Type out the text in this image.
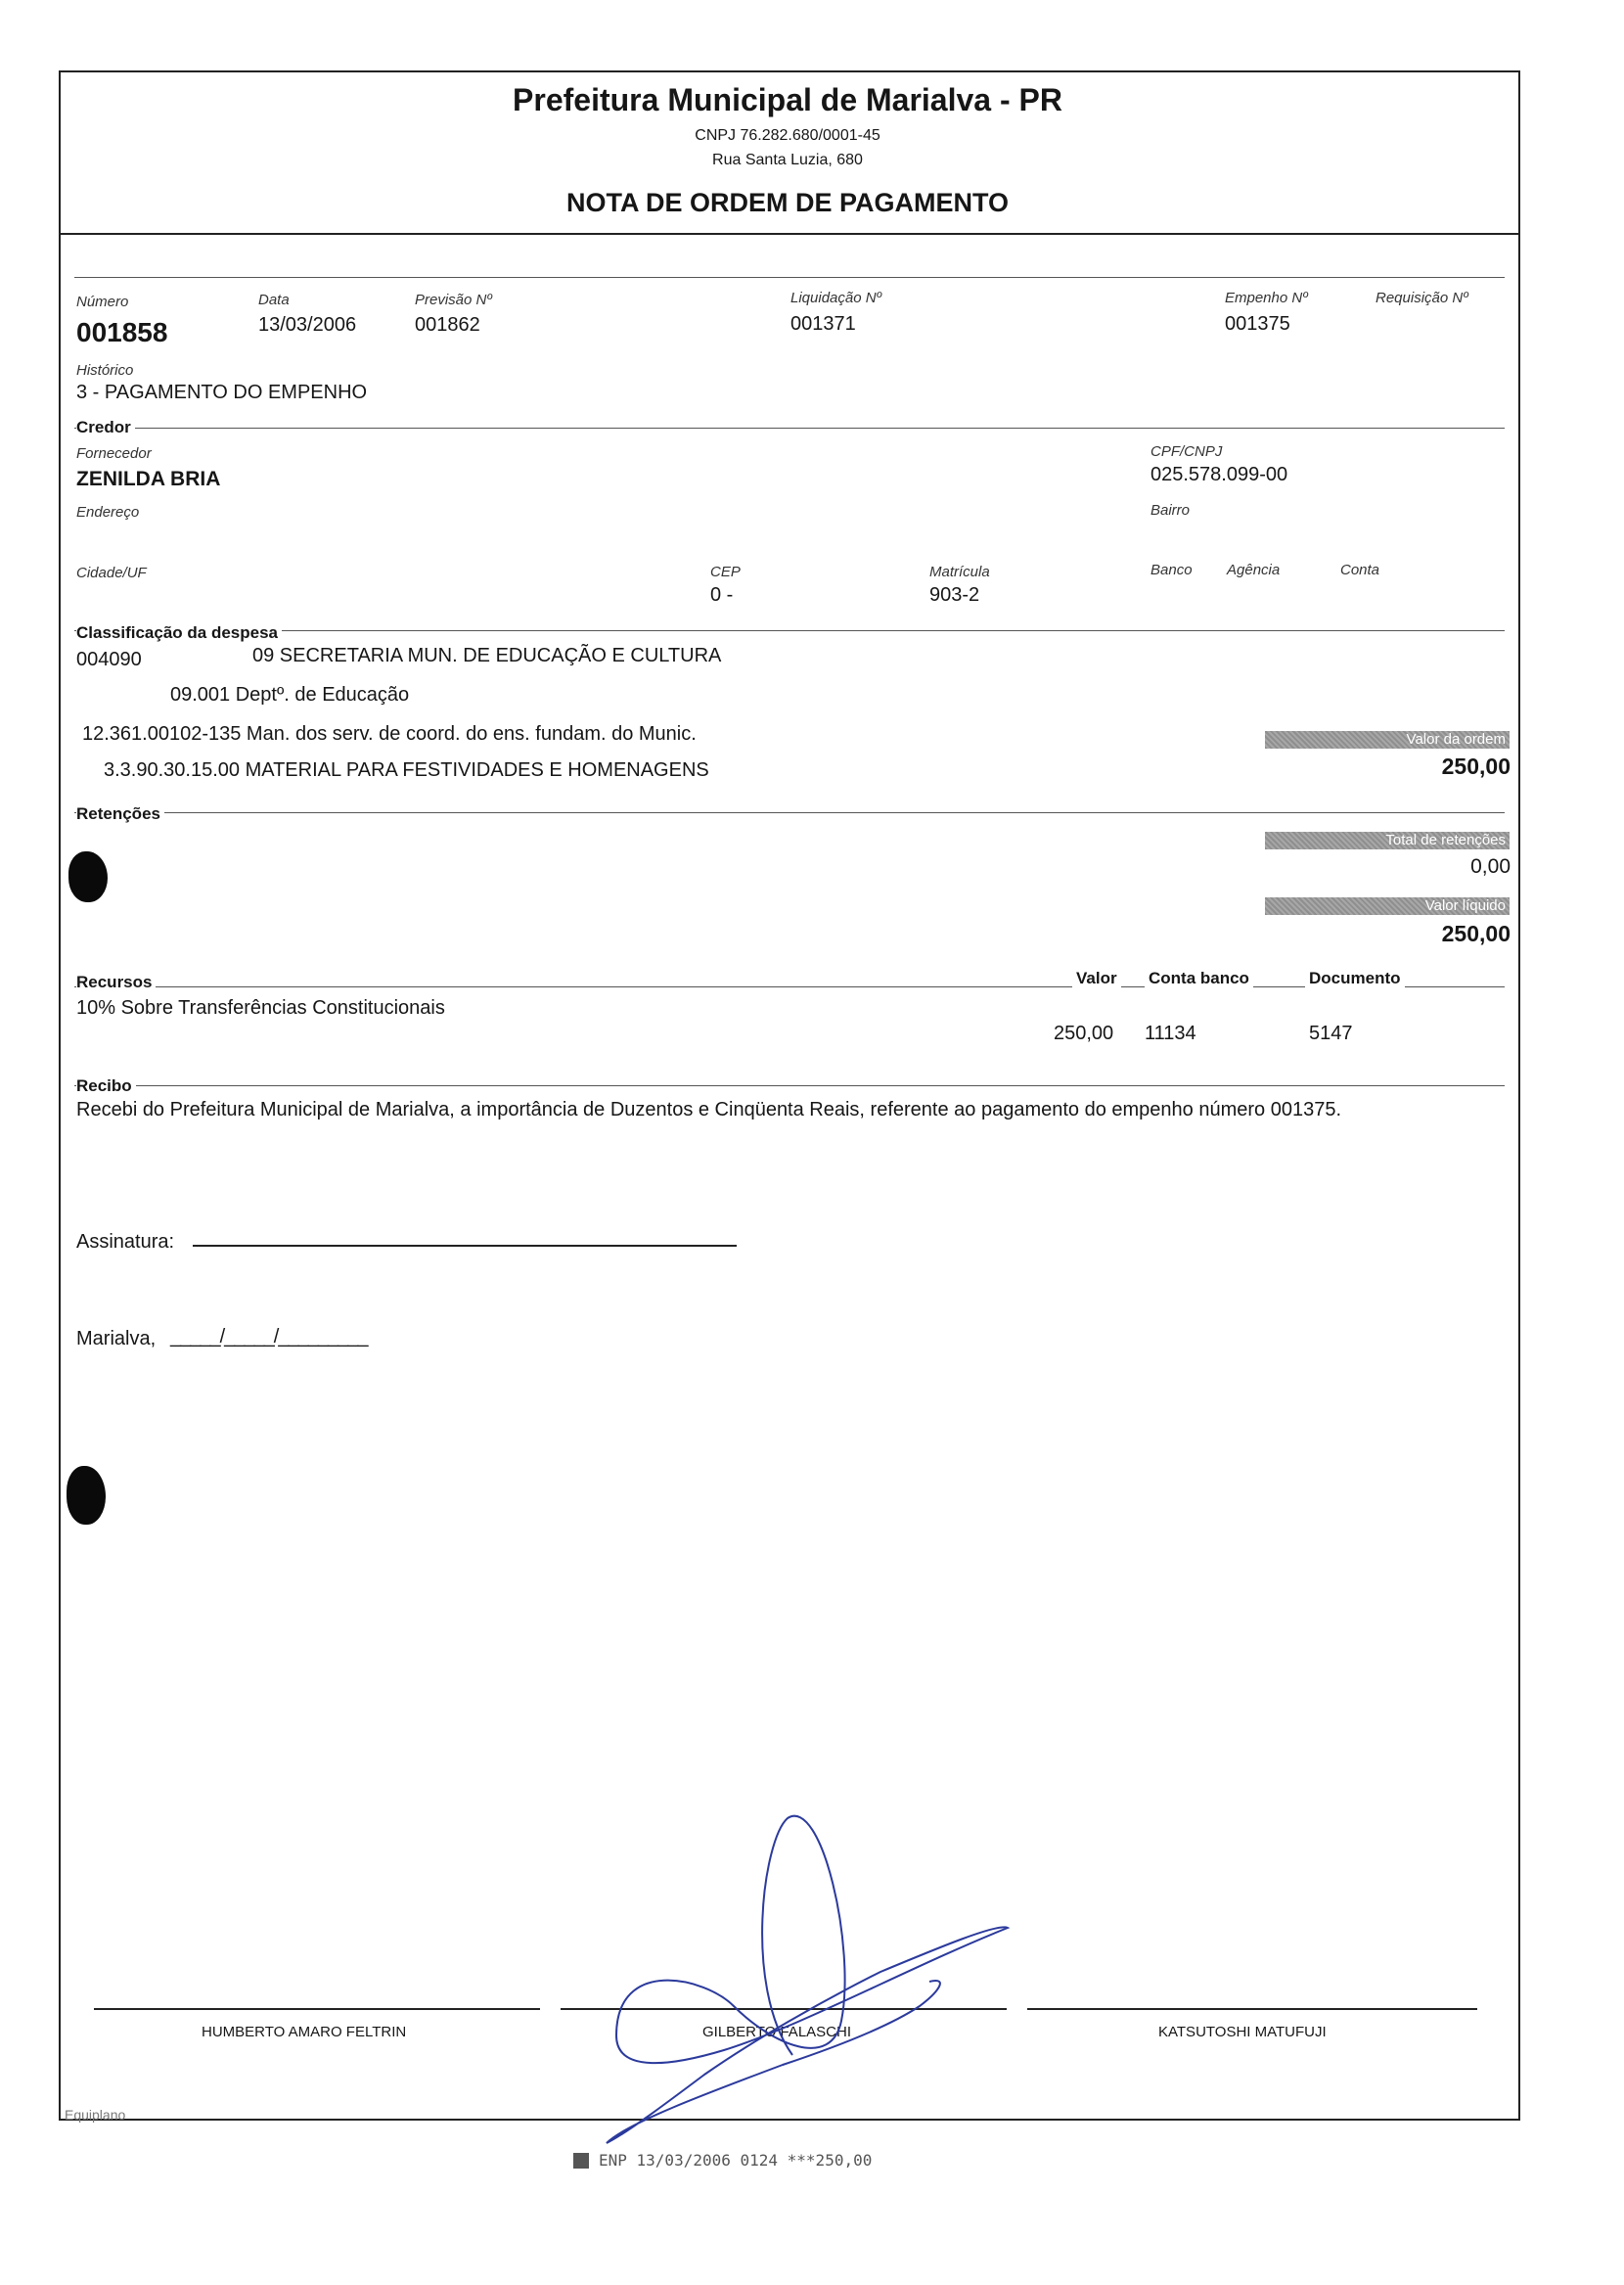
Prefeitura Municipal de Marialva - PR
CNPJ 76.282.680/0001-45
Rua Santa Luzia, 680
NOTA DE ORDEM DE PAGAMENTO
Número
001858
Data
13/03/2006
Previsão Nº
001862
Liquidação Nº
001371
Empenho Nº
001375
Requisição Nº
Histórico
3 - PAGAMENTO DO EMPENHO
Credor
Fornecedor
ZENILDA BRIA
CPF/CNPJ
025.578.099-00
Endereço	Bairro
Cidade/UF	CEP
0 -
Matrícula
903-2
Banco Agência	Conta
Classificação da despesa
004090	09 SECRETARIA MUN. DE EDUCAÇÃO E CULTURA
09.001 Deptº. de Educação
12.361.00102-135 Man. dos serv. de coord. do ens. fundam. do Munic.
3.3.90.30.15.00 MATERIAL PARA FESTIVIDADES E HOMENAGENS
Valor da ordem
250,00
Retenções
Total de retenções
0,00
Valor líquido
250,00
Recursos	Valor Conta banco	Documento
10% Sobre Transferências Constitucionais
250,00 11134	5147
Recibo
Recebi do Prefeitura Municipal de Marialva, a importância de Duzentos e Cinqüenta Reais, referente ao pagamento do empenho número 001375.
Assinatura:
Marialva, _____/_____/_________
HUMBERTO AMARO FELTRIN	GILBERTO FALASCHI	KATSUTOSHI MATUFUJI
Equiplano
ENP 13/03/2006 0124 ***250,00
